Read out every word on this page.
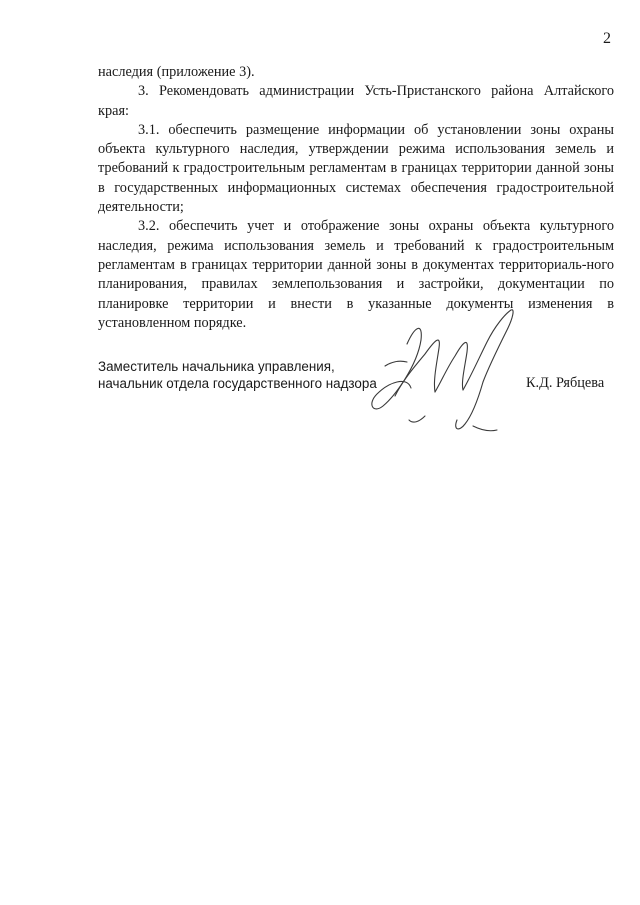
2

наследия (приложение 3).

3. Рекомендовать администрации Усть-Пристанского района Алтайского края:

3.1. обеспечить размещение информации об установлении зоны охраны объекта культурного наследия, утверждении режима использования земель и требований к градостроительным регламентам в границах территории данной зоны в государственных информационных системах обеспечения градостроительной деятельности;

3.2. обеспечить учет и отображение зоны охраны объекта культурного наследия, режима использования земель и требований к градостроительным регламентам в границах территории данной зоны в документах территориаль-ного планирования, правилах землепользования и застройки, документации по планировке территории и внести в указанные документы изменения в установленном порядке.

Заместитель начальника управления,
начальник отдела государственного надзора	К.Д. Рябцева
